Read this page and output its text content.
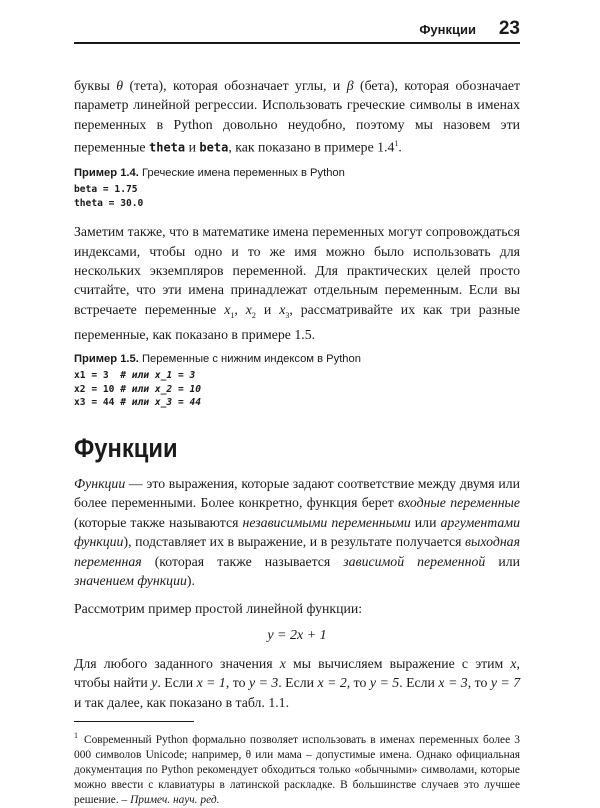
Функции 23

буквы θ (тета), которая обозначает углы, и β (бета), которая обозначает параметр линейной регрессии. Использовать греческие символы в именах переменных в Python довольно неудобно, поэтому мы назовем эти переменные theta и beta, как показано в примере 1.4$^1$.

Пример 1.4. Греческие имена переменных в Python
beta = 1.75
theta = 30.0

Заметим также, что в математике имена переменных могут сопровождаться индексами, чтобы одно и то же имя можно было использовать для нескольких экземпляров переменной. Для практических целей просто считайте, что эти имена принадлежат отдельным переменным. Если вы встречаете переменные $x_1$, $x_2$ и $x_3$, рассматривайте их как три разные переменные, как показано в примере 1.5.

Пример 1.5. Переменные с нижним индексом в Python
x1 = 3  # или x_1 = 3
x2 = 10 # или x_2 = 10
x3 = 44 # или x_3 = 44
Функции

Функции — это выражения, которые задают соответствие между двумя или более переменными. Более конкретно, функция берет входные переменные (которые также называются независимыми переменными или аргументами функции), подставляет их в выражение, и в результате получается выходная переменная (которая также называется зависимой переменной или значением функции).

Рассмотрим пример простой линейной функции:

y = 2x + 1

Для любого заданного значения x мы вычисляем выражение с этим x, чтобы найти y. Если x = 1, то y = 3. Если x = 2, то y = 5. Если x = 3, то y = 7 и так далее, как показано в табл. 1.1.

$^1$ Современный Python формально позволяет использовать в именах переменных более 3 000 символов Unicode; например, θ или мама – допустимые имена. Однако официальная документация по Python рекомендует обходиться только «обычными» символами, которые можно ввести с клавиатуры в латинской раскладке. В большинстве случаев это лучшее решение. – Примеч. науч. ред.
